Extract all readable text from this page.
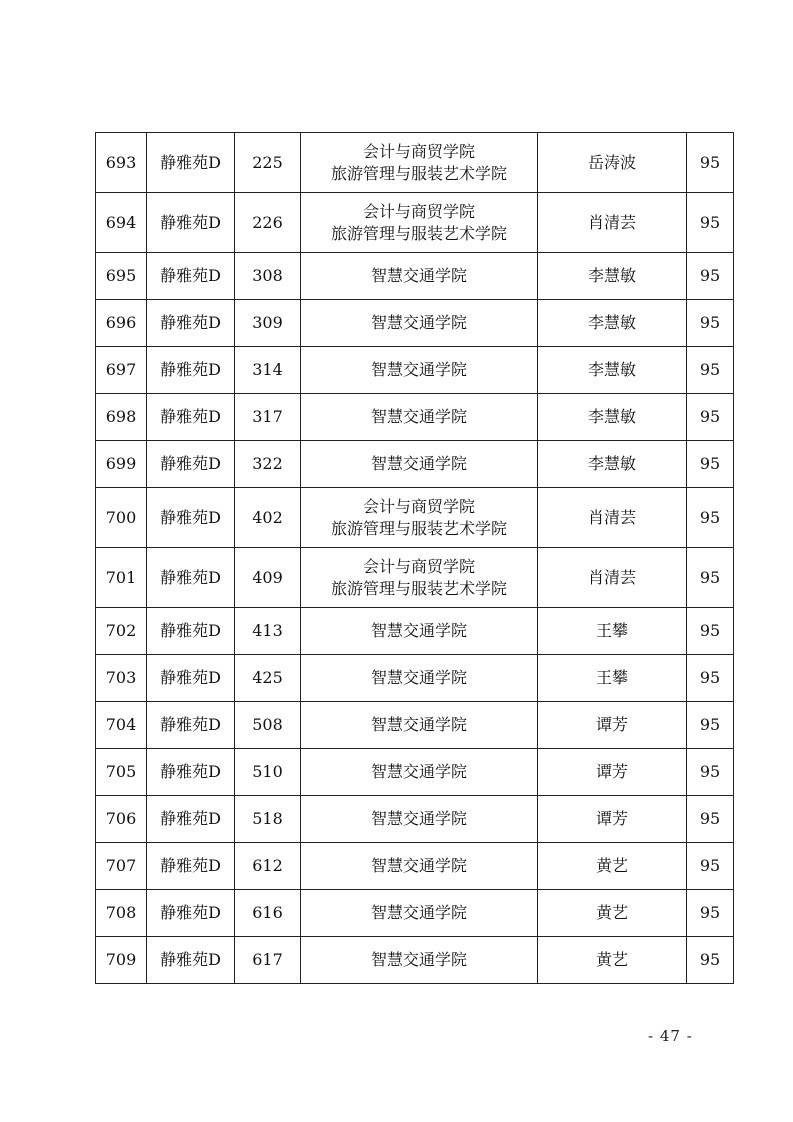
693	静雅苑D	225	会计与商贸学院
旅游管理与服装艺术学院	岳涛波	95
694	静雅苑D	226	会计与商贸学院
旅游管理与服装艺术学院	肖清芸	95
695	静雅苑D	308	智慧交通学院	李慧敏	95
696	静雅苑D	309	智慧交通学院	李慧敏	95
697	静雅苑D	314	智慧交通学院	李慧敏	95
698	静雅苑D	317	智慧交通学院	李慧敏	95
699	静雅苑D	322	智慧交通学院	李慧敏	95
700	静雅苑D	402	会计与商贸学院
旅游管理与服装艺术学院	肖清芸	95
701	静雅苑D	409	会计与商贸学院
旅游管理与服装艺术学院	肖清芸	95
702	静雅苑D	413	智慧交通学院	王攀	95
703	静雅苑D	425	智慧交通学院	王攀	95
704	静雅苑D	508	智慧交通学院	谭芳	95
705	静雅苑D	510	智慧交通学院	谭芳	95
706	静雅苑D	518	智慧交通学院	谭芳	95
707	静雅苑D	612	智慧交通学院	黄艺	95
708	静雅苑D	616	智慧交通学院	黄艺	95
709	静雅苑D	617	智慧交通学院	黄艺	95
- 47 -
